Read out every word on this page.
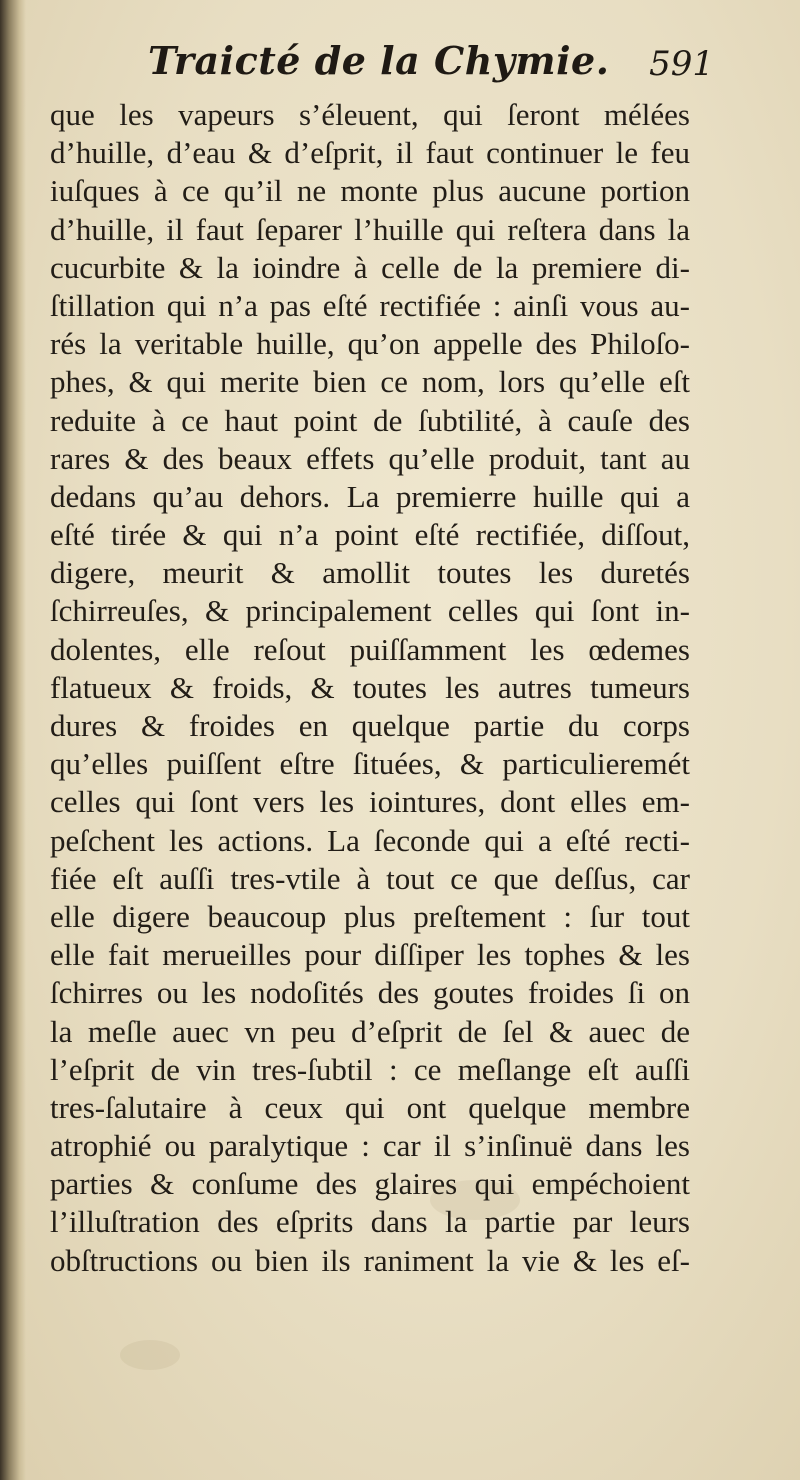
Traicté de la Chymie. 591
que les vapeurs s’éleuent, qui ſeront mélées
d’huille, d’eau & d’eſprit, il faut continuer le feu
iuſques à ce qu’il ne monte plus aucune portion
d’huille, il faut ſeparer l’huille qui reſtera dans la
cucurbite & la ioindre à celle de la premiere di-
ſtillation qui n’a pas eſté rectifiée : ainſi vous au-
rés la veritable huille, qu’on appelle des Philoſo-
phes, & qui merite bien ce nom, lors qu’elle eſt
reduite à ce haut point de ſubtilité, à cauſe des
rares & des beaux effets qu’elle produit, tant au
dedans qu’au dehors. La premierre huille qui a
eſté tirée & qui n’a point eſté rectifiée, diſſout,
digere, meurit & amollit toutes les duretés
ſchirreuſes, & principalement celles qui ſont in-
dolentes, elle reſout puiſſamment les œdemes
flatueux & froids, & toutes les autres tumeurs
dures & froides en quelque partie du corps
qu’elles puiſſent eſtre ſituées, & particulieremét
celles qui ſont vers les iointures, dont elles em-
peſchent les actions. La ſeconde qui a eſté recti-
fiée eſt auſſi tres-vtile à tout ce que deſſus, car
elle digere beaucoup plus preſtement : ſur tout
elle fait merueilles pour diſſiper les tophes & les
ſchirres ou les nodoſités des goutes froides ſi on
la meſle auec vn peu d’eſprit de ſel & auec de
l’eſprit de vin tres-ſubtil : ce meſlange eſt auſſi
tres-ſalutaire à ceux qui ont quelque membre
atrophié ou paralytique : car il s’inſinuë dans les
parties & conſume des glaires qui empéchoient
l’illuſtration des eſprits dans la partie par leurs
obſtructions ou bien ils raniment la vie & les eſ-
